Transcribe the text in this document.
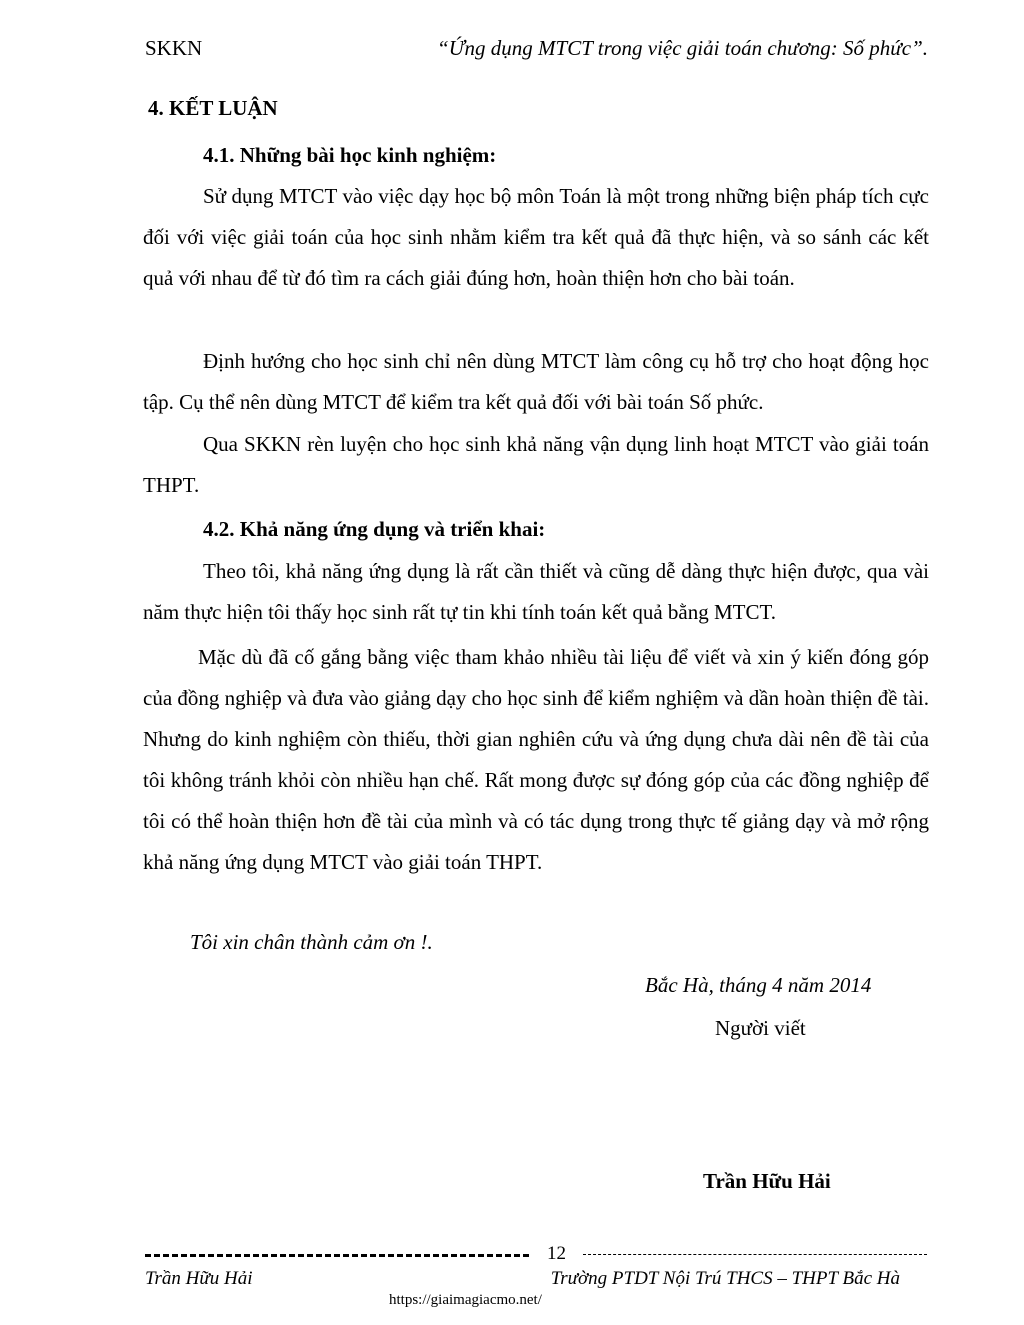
SKKN	“Ứng dụng MTCT trong việc giải toán chương: Số phức”.
4. KẾT LUẬN
4.1. Những bài học kinh nghiệm:

Sử dụng MTCT vào việc dạy học bộ môn Toán là một trong những biện pháp tích cực đối với việc giải toán của học sinh nhằm kiểm tra kết quả đã thực hiện, và so sánh các kết quả với nhau để từ đó tìm ra cách giải đúng hơn, hoàn thiện hơn cho bài toán.

Định hướng cho học sinh chỉ nên dùng MTCT làm công cụ hỗ trợ cho hoạt động học tập. Cụ thể nên dùng MTCT để kiểm tra kết quả đối với bài toán Số phức.

Qua SKKN rèn luyện cho học sinh khả năng vận dụng linh hoạt MTCT vào giải toán THPT.

4.2. Khả năng ứng dụng và triển khai:

Theo tôi, khả năng ứng dụng là rất cần thiết và cũng dễ dàng thực hiện được, qua vài năm thực hiện tôi thấy học sinh rất tự tin khi tính toán kết quả bằng MTCT.

Mặc dù đã cố gắng bằng việc tham khảo nhiều tài liệu để viết và xin ý kiến đóng góp của đồng nghiệp và đưa vào giảng dạy cho học sinh để kiểm nghiệm và dần hoàn thiện đề tài. Nhưng do kinh nghiệm còn thiếu, thời gian nghiên cứu và ứng dụng chưa dài nên đề tài của tôi không tránh khỏi còn nhiều hạn chế. Rất mong được sự đóng góp của các đồng nghiệp để tôi có thể hoàn thiện hơn đề tài của mình và có tác dụng trong thực tế giảng dạy và mở rộng khả năng ứng dụng MTCT vào giải toán THPT.

Tôi xin chân thành cảm ơn !.
Bắc Hà, tháng 4 năm 2014
Người viết
Trần Hữu Hải
12
Trần Hữu Hải	Trường PTDT Nội Trú THCS – THPT Bắc Hà
https://giaimagiacmo.net/
